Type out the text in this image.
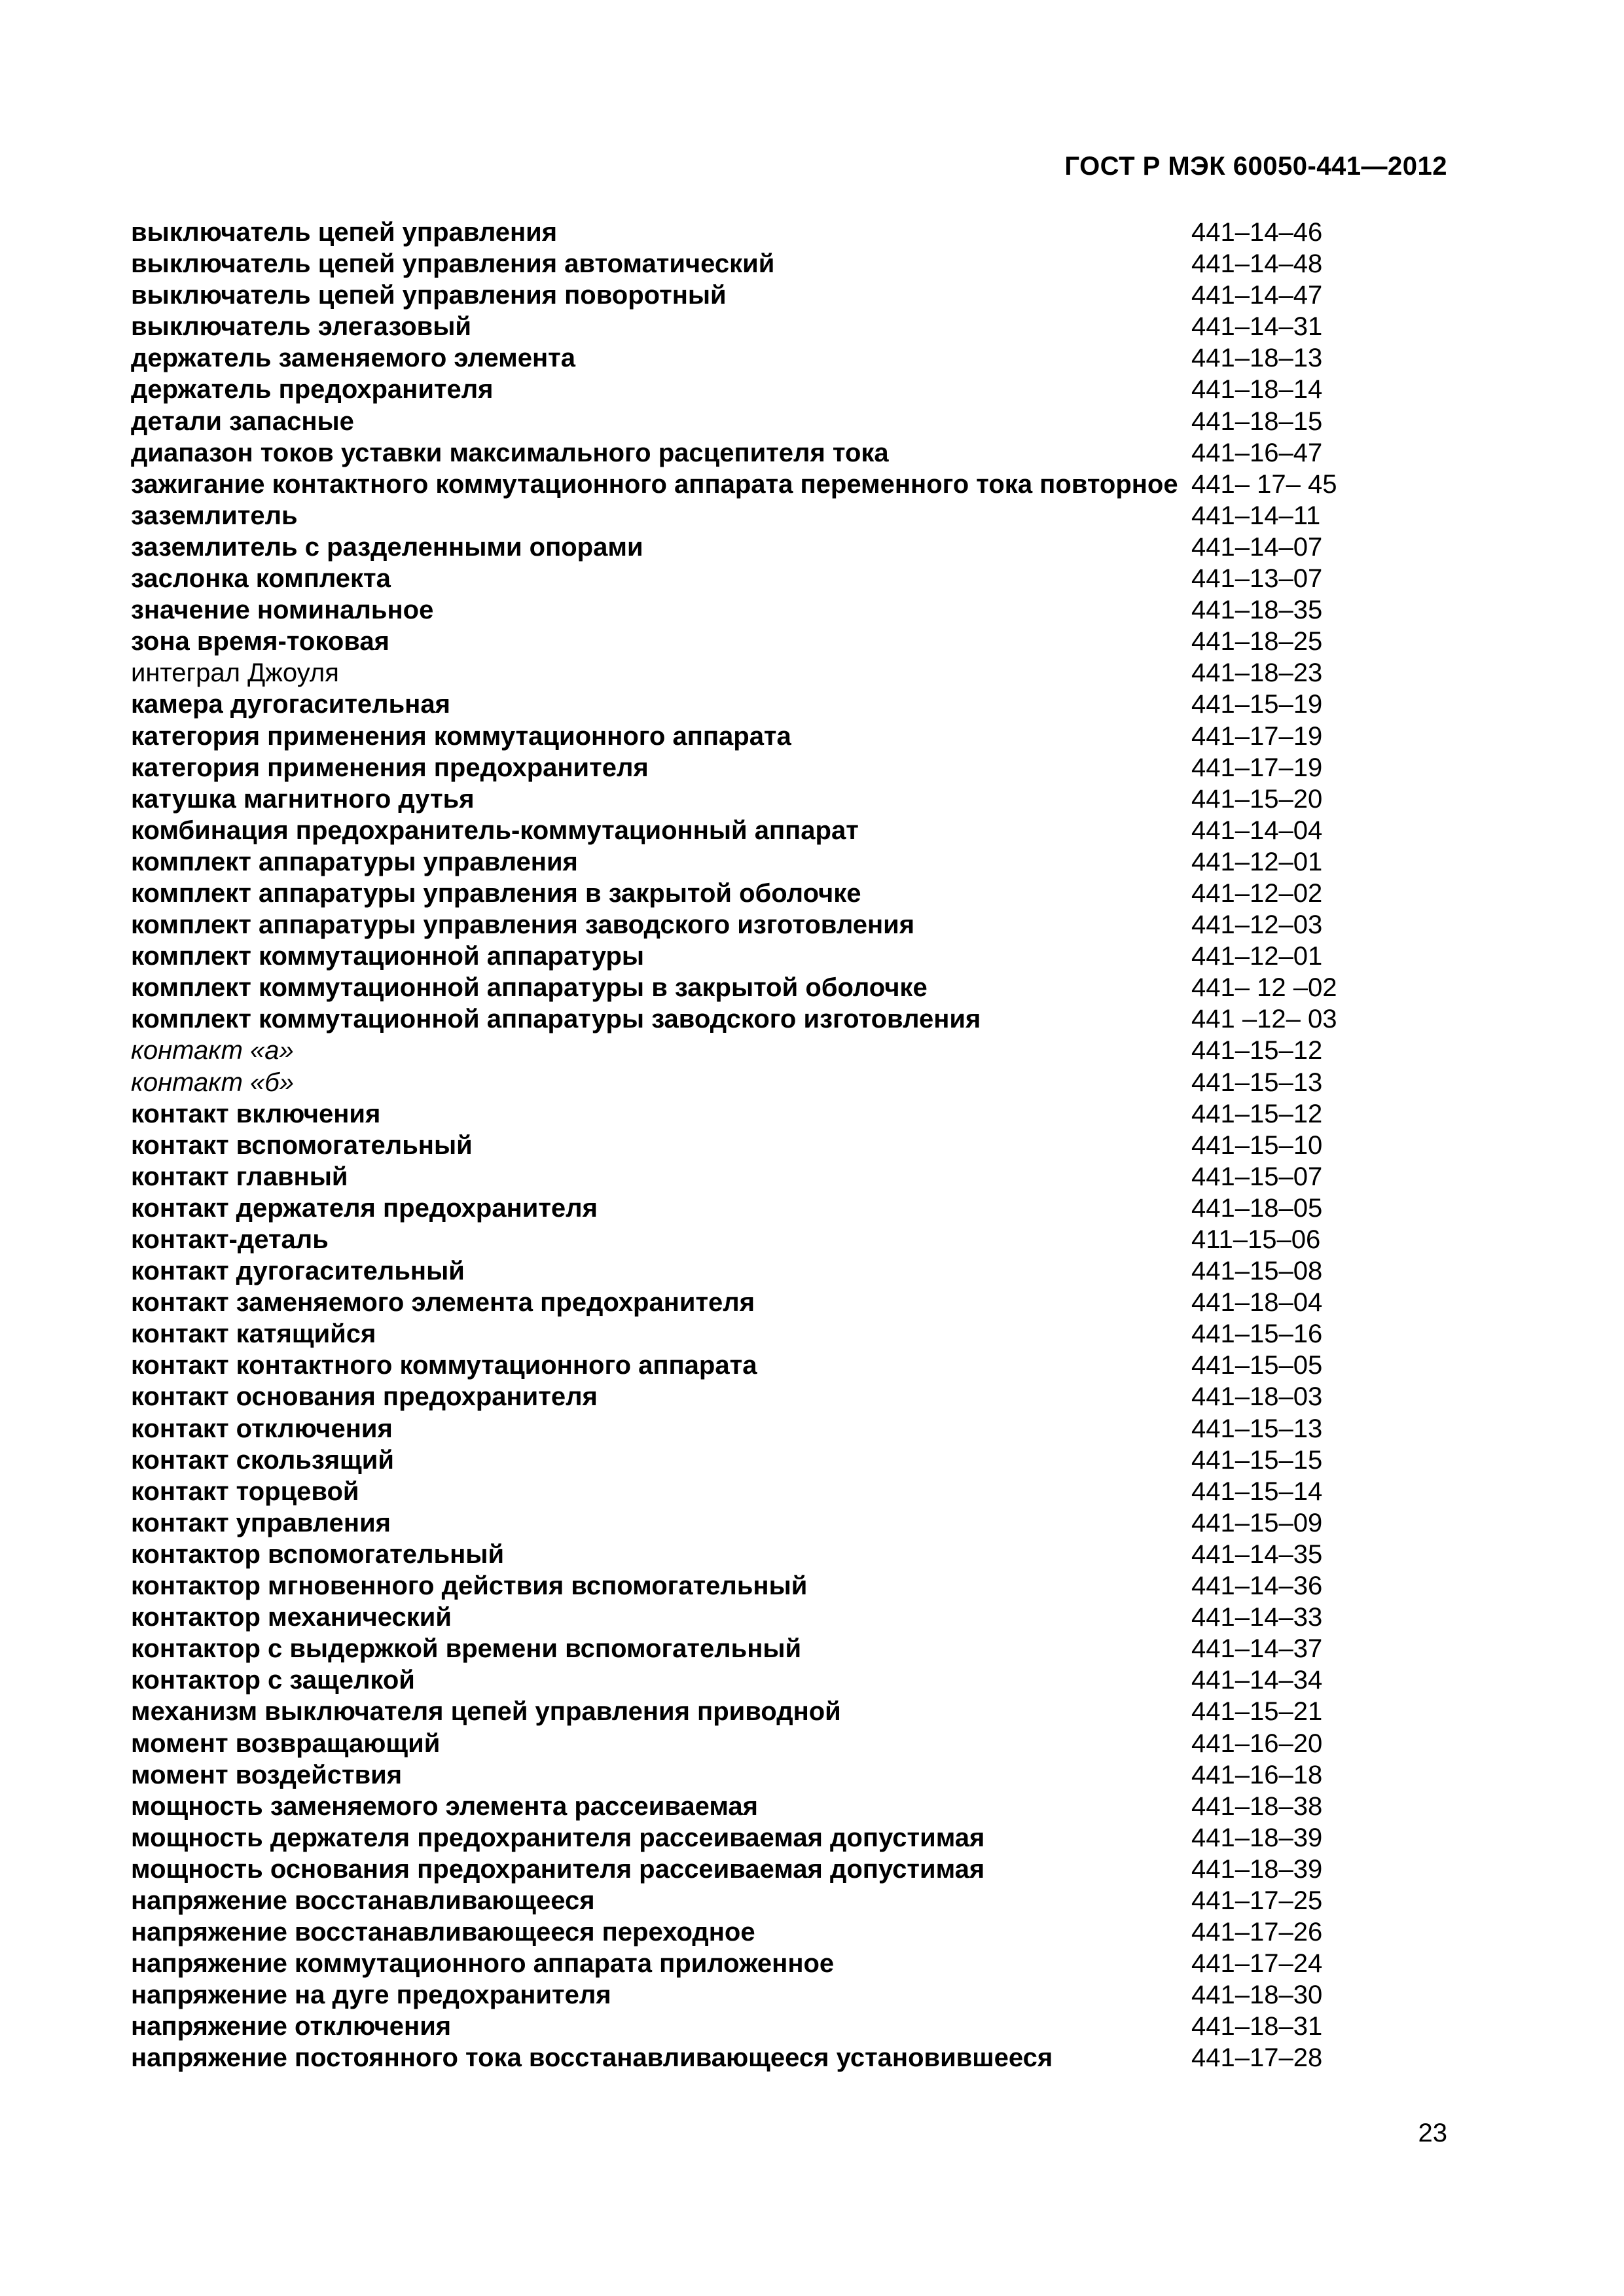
ГОСТ Р МЭК 60050-441—2012
выключатель цепей управления	441–14–46
выключатель цепей управления автоматический	441–14–48
выключатель цепей управления поворотный	441–14–47
выключатель элегазовый	441–14–31
держатель заменяемого элемента	441–18–13
держатель предохранителя	441–18–14
детали запасные	441–18–15
диапазон токов уставки максимального расцепителя тока	441–16–47
зажигание контактного коммутационного аппарата переменного тока повторное 441– 17– 45
заземлитель	441–14–11
заземлитель с разделенными опорами	441–14–07
заслонка комплекта	441–13–07
значение номинальное	441–18–35
зона время-токовая	441–18–25
интеграл Джоуля	441–18–23
камера дугогасительная	441–15–19
категория применения коммутационного аппарата	441–17–19
категория применения предохранителя	441–17–19
катушка магнитного дутья	441–15–20
комбинация предохранитель-коммутационный аппарат	441–14–04
комплект аппаратуры управления	441–12–01
комплект аппаратуры управления в закрытой оболочке	441–12–02
комплект аппаратуры управления заводского изготовления	441–12–03
комплект коммутационной аппаратуры	441–12–01
комплект коммутационной аппаратуры в закрытой оболочке	441– 12 –02
комплект коммутационной аппаратуры заводского изготовления	441 –12– 03
контакт «а»	441–15–12
контакт «б»	441–15–13
контакт включения	441–15–12
контакт вспомогательный	441–15–10
контакт главный	441–15–07
контакт держателя предохранителя	441–18–05
контакт-деталь	411–15–06
контакт дугогасительный	441–15–08
контакт заменяемого элемента предохранителя	441–18–04
контакт катящийся	441–15–16
контакт контактного коммутационного аппарата	441–15–05
контакт основания предохранителя	441–18–03
контакт отключения	441–15–13
контакт скользящий	441–15–15
контакт торцевой	441–15–14
контакт управления	441–15–09
контактор вспомогательный	441–14–35
контактор мгновенного действия вспомогательный	441–14–36
контактор механический	441–14–33
контактор с выдержкой времени вспомогательный	441–14–37
контактор с защелкой	441–14–34
механизм выключателя цепей управления приводной	441–15–21
момент возвращающий	441–16–20
момент воздействия	441–16–18
мощность заменяемого элемента рассеиваемая	441–18–38
мощность держателя предохранителя рассеиваемая допустимая	441–18–39
мощность основания предохранителя рассеиваемая допустимая	441–18–39
напряжение восстанавливающееся	441–17–25
напряжение восстанавливающееся переходное	441–17–26
напряжение коммутационного аппарата приложенное	441–17–24
напряжение на дуге предохранителя	441–18–30
напряжение отключения	441–18–31
напряжение постоянного тока восстанавливающееся установившееся	441–17–28
23
